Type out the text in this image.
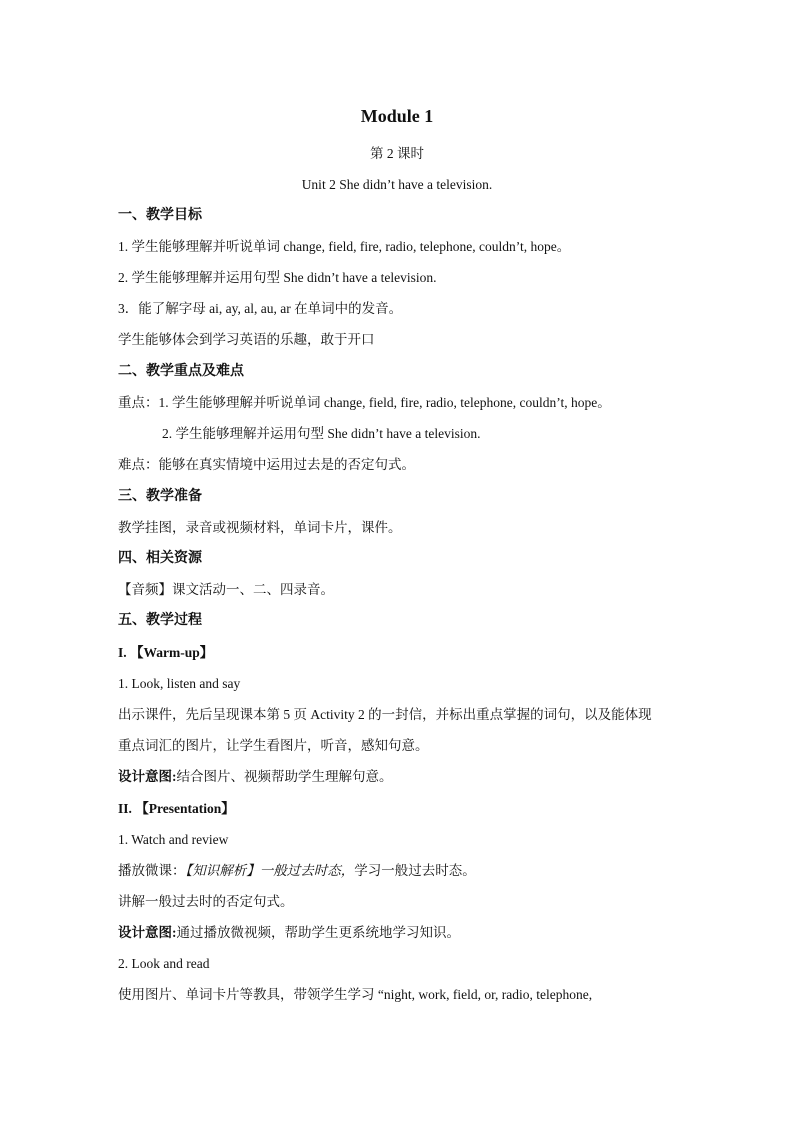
Module 1
第 2 课时
Unit 2 She didn’t have a television.
一、教学目标
1. 学生能够理解并听说单词 change, field, fire, radio, telephone, couldn’t, hope。
2. 学生能够理解并运用句型 She didn’t have a television.
3．能了解字母 ai, ay, al, au, ar 在单词中的发音。
学生能够体会到学习英语的乐趣，敢于开口
二、教学重点及难点
重点：1. 学生能够理解并听说单词 change, field, fire, radio, telephone, couldn’t, hope。
2. 学生能够理解并运用句型 She didn’t have a television.
难点：能够在真实情境中运用过去是的否定句式。
三、教学准备
教学挂图，录音或视频材料，单词卡片，课件。
四、相关资源
【音频】课文活动一、二、四录音。
五、教学过程
I. 【Warm-up】
1. Look, listen and say
出示课件，先后呈现课本第 5 页 Activity 2 的一封信，并标出重点掌握的词句，以及能体现
重点词汇的图片，让学生看图片，听音，感知句意。
设计意图:结合图片、视频帮助学生理解句意。
II. 【Presentation】
1. Watch and review
播放微课：【知识解析】一般过去时态，学习一般过去时态。
讲解一般过去时的否定句式。
设计意图:通过播放微视频，帮助学生更系统地学习知识。
2. Look and read
使用图片、单词卡片等教具，带领学生学习 “night, work, field, or, radio, telephone,
